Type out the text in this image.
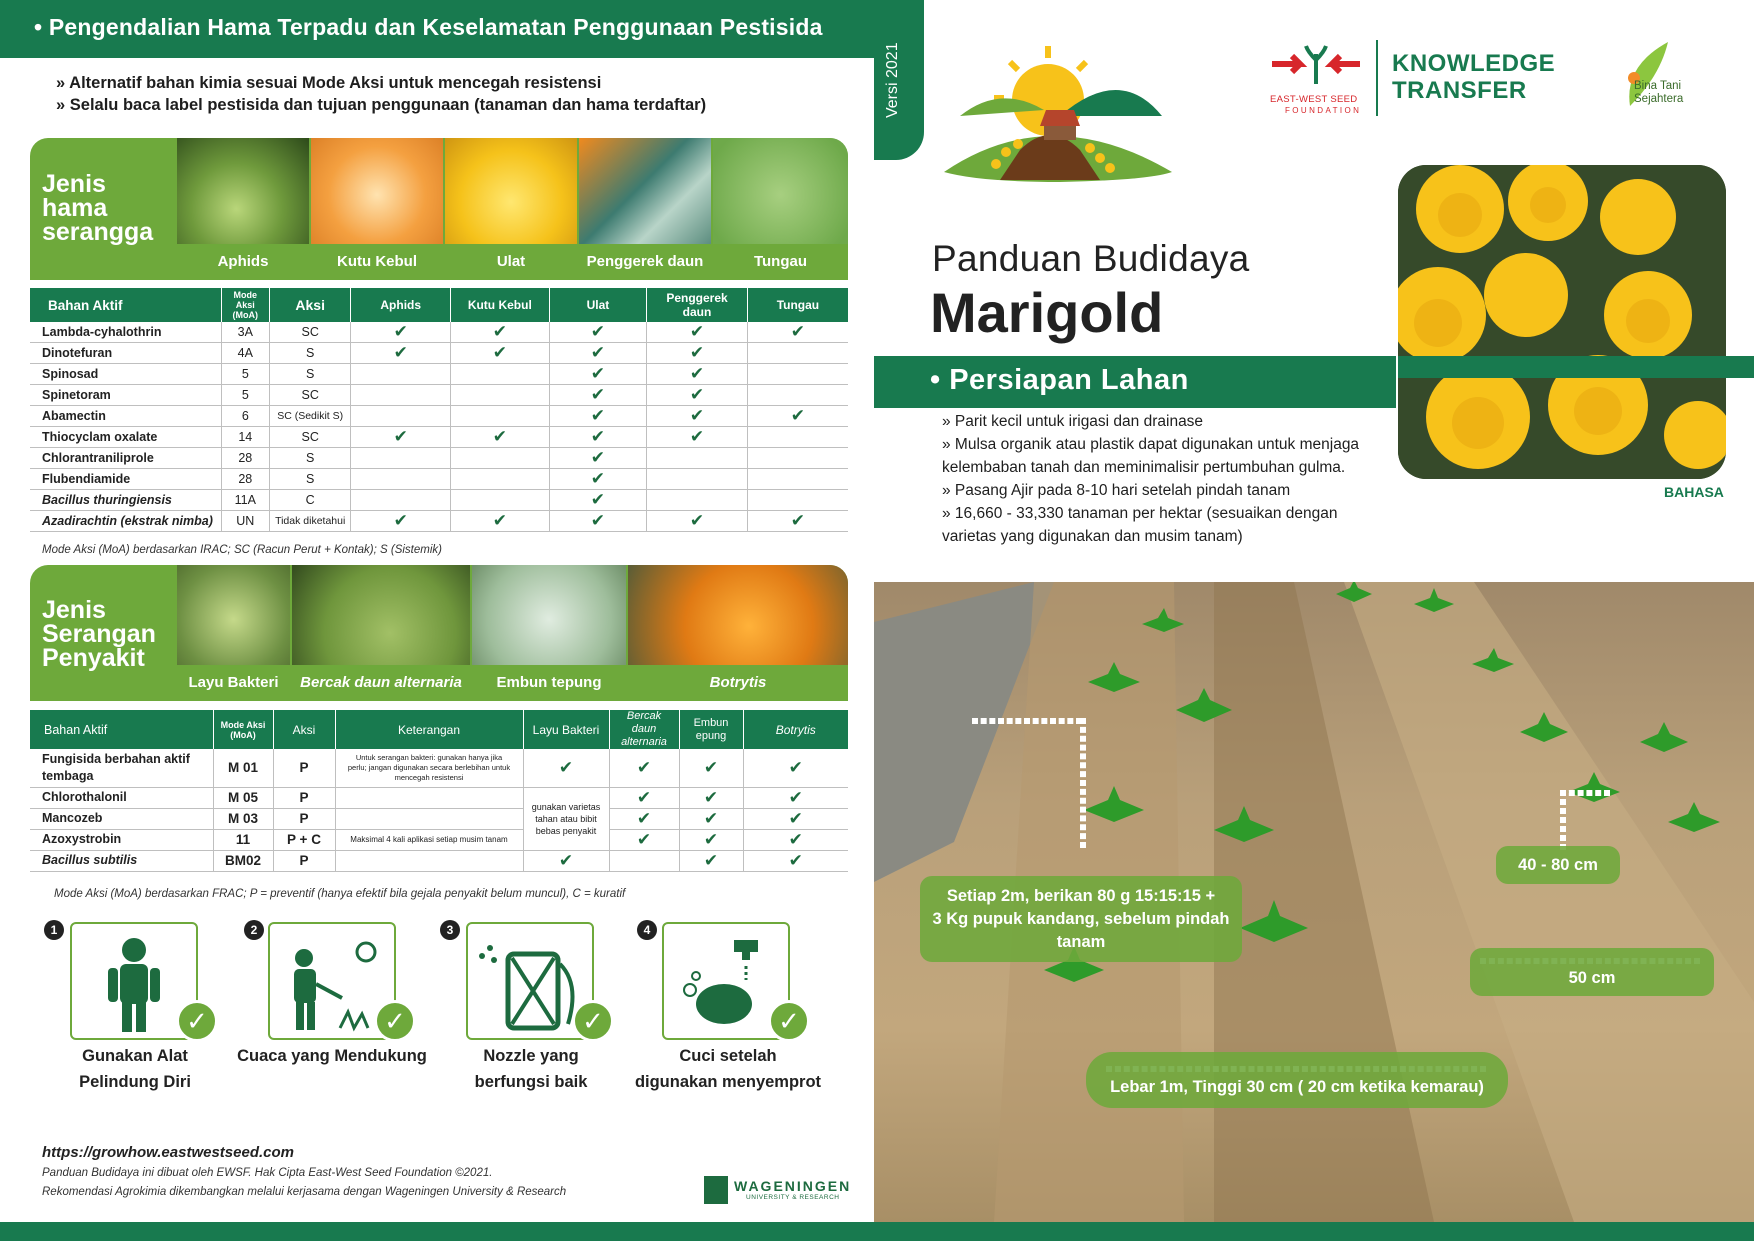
• Pengendalian Hama Terpadu dan Keselamatan Penggunaan Pestisida
Versi 2021
» Alternatif bahan kimia sesuai Mode Aksi untuk mencegah resistensi
» Selalu baca label pestisida dan tujuan penggunaan (tanaman dan hama terdaftar)
Jenis
hama
serangga
Aphids	Kutu Kebul	Ulat	Penggerek daun	Tungau
Bahan Aktif	Mode Aksi (MoA)	Aksi	Aphids	Kutu Kebul	Ulat	Penggerek daun	Tungau
Lambda-cyhalothrin	3A	SC	✔	✔	✔	✔	✔
Dinotefuran	4A	S	✔	✔	✔	✔	
Spinosad	5	S			✔	✔	
Spinetoram	5	SC			✔	✔	
Abamectin	6	SC (Sedikit S)			✔	✔	✔
Thiocyclam oxalate	14	SC	✔	✔	✔	✔	
Chlorantraniliprole	28	S			✔		
Flubendiamide	28	S			✔		
Bacillus thuringiensis	11A	C			✔		
Azadirachtin (ekstrak nimba)	UN	Tidak diketahui	✔	✔	✔	✔	✔
Mode Aksi (MoA) berdasarkan IRAC; SC (Racun Perut + Kontak); S (Sistemik)
Jenis
Serangan
Penyakit
Layu Bakteri	Bercak daun alternaria	Embun tepung	Botrytis
Bahan Aktif	Mode Aksi (MoA)	Aksi	Keterangan	Layu Bakteri	Bercak daun alternaria	Embun epung	Botrytis
Fungisida berbahan aktif tembaga	M 01	P	Untuk serangan bakteri: gunakan hanya jika perlu; jangan digunakan secara berlebihan untuk mencegah resistensi	✔	✔	✔	✔
Chlorothalonil	M 05	P		gunakan varietas tahan atau bibit bebas penyakit	✔	✔	✔
Mancozeb	M 03	P			✔	✔	✔
Azoxystrobin	11	P + C	Maksimal 4 kali aplikasi setiap musim tanam		✔	✔	✔
Bacillus subtilis	BM02	P		✔		✔	✔
Mode Aksi (MoA) berdasarkan FRAC; P = preventif (hanya efektif bila gejala penyakit belum muncul), C = kuratif
1
✓
Gunakan Alat
Pelindung Diri
2
✓
Cuaca yang Mendukung
3
✓
Nozzle yang
berfungsi baik
4
✓
Cuci setelah
digunakan menyemprot
https://growhow.eastwestseed.com
Panduan Budidaya ini dibuat oleh EWSF. Hak Cipta East-West Seed Foundation ©2021.
Rekomendasi Agrokimia dikembangkan melalui kerjasama dengan Wageningen University & Research	WAGENINGEN
UNIVERSITY & RESEARCH
EAST-WEST SEED
FOUNDATION
KNOWLEDGE
TRANSFER	Bina Tani
Sejahtera
Panduan Budidaya
Marigold
BAHASA
• Persiapan Lahan
» Parit kecil untuk irigasi dan drainase
» Mulsa organik atau plastik dapat digunakan untuk menjaga
kelembaban tanah dan meminimalisir pertumbuhan gulma.
» Pasang Ajir pada 8-10 hari setelah pindah tanam
» 16,660 - 33,330 tanaman per hektar (sesuaikan dengan
varietas yang digunakan dan musim tanam)
Setiap 2m, berikan 80 g 15:15:15 +
3 Kg pupuk kandang, sebelum pindah
tanam
40 - 80 cm
50 cm
Lebar 1m, Tinggi 30 cm ( 20 cm ketika kemarau)
